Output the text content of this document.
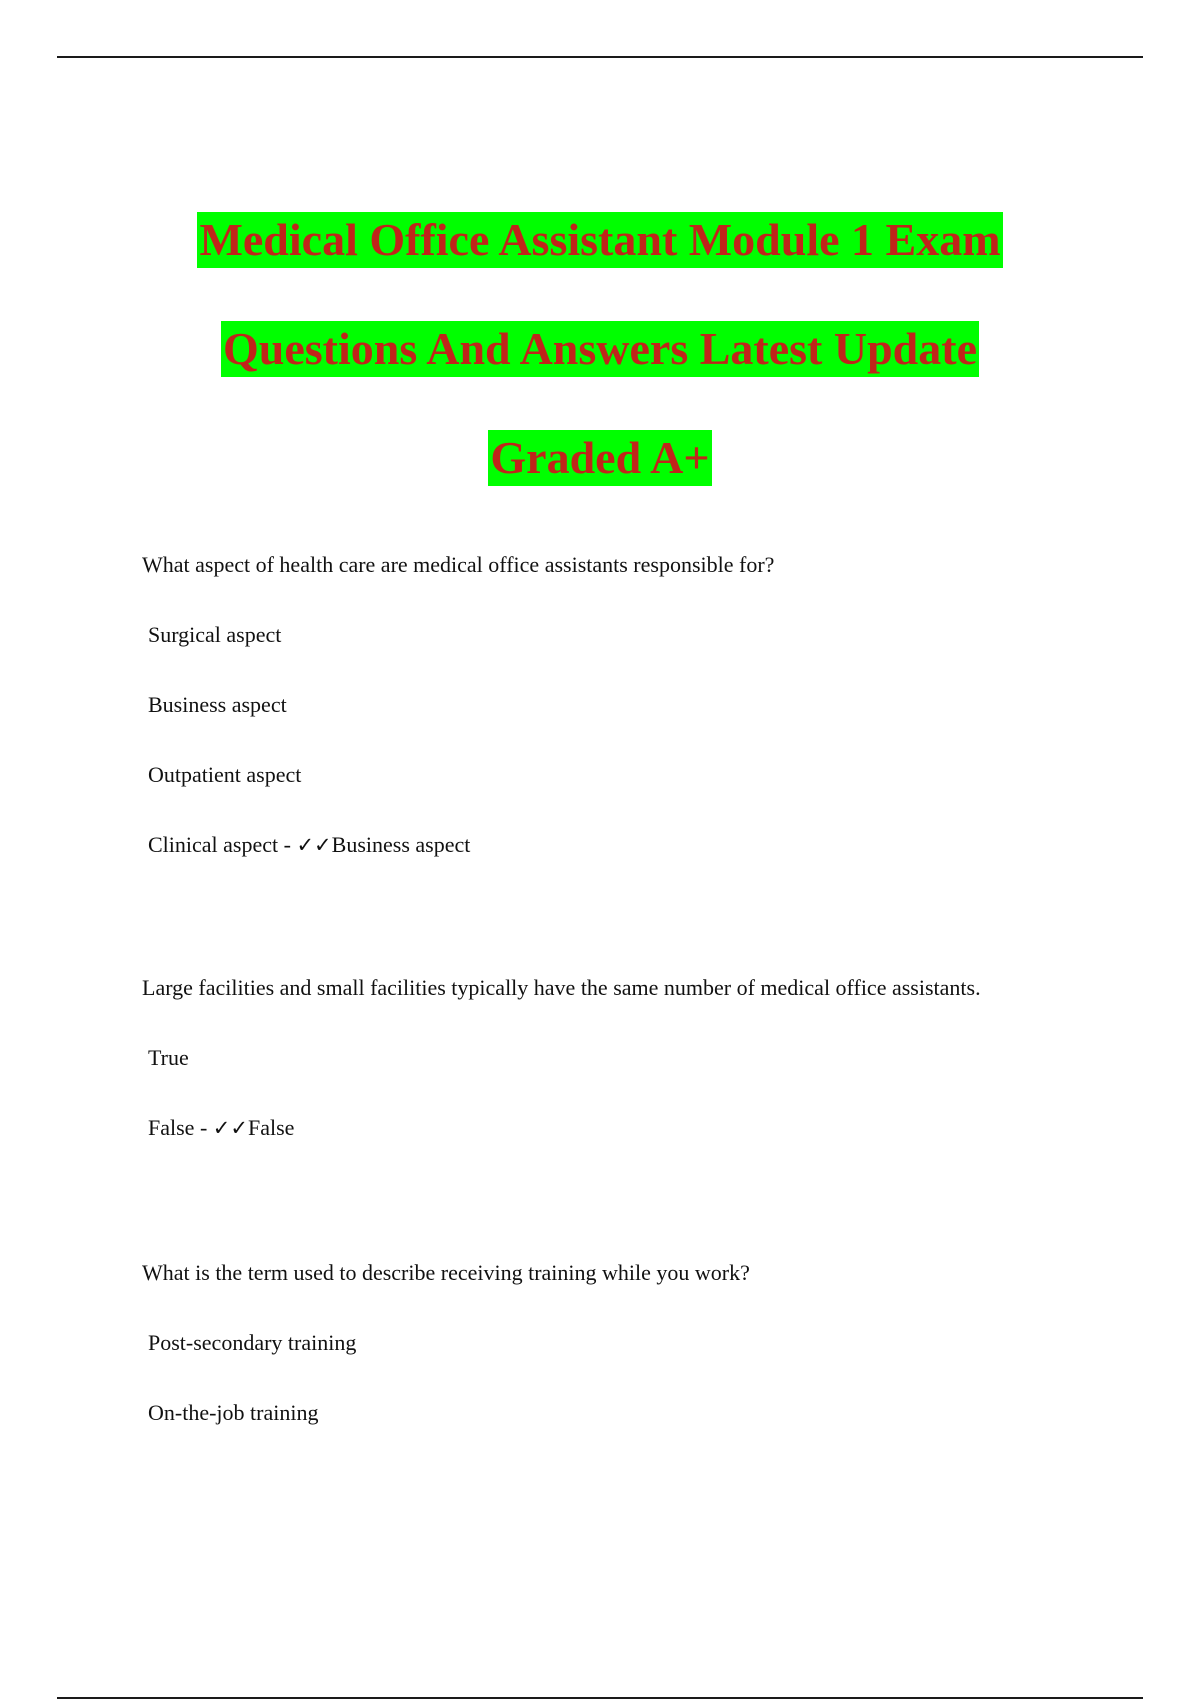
Medical Office Assistant Module 1 Exam
Questions And Answers Latest Update
Graded A+

What aspect of health care are medical office assistants responsible for?

Surgical aspect

Business aspect

Outpatient aspect

Clinical aspect - ✓✓Business aspect

Large facilities and small facilities typically have the same number of medical office assistants.

True

False - ✓✓False

What is the term used to describe receiving training while you work?

Post-secondary training

On-the-job training
